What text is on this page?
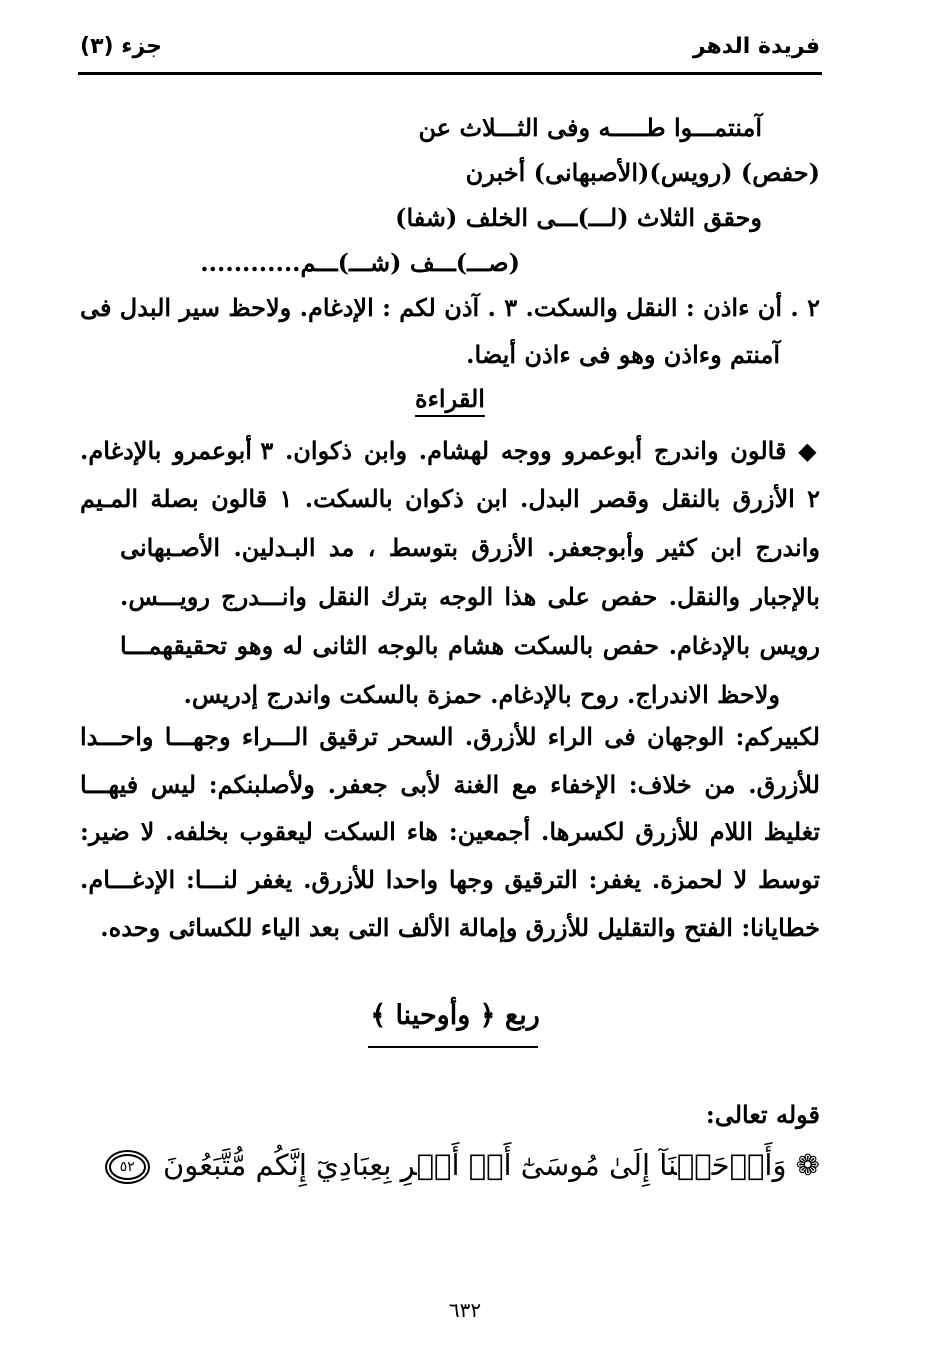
فريدة الدهر
جزء (٣)
آمنتمـــوا طـــــه وفى الثـــلاث عن
(حفص) (رويس)(الأصبهانى) أخبرن
وحقق الثلاث (لـــ)ـــى الخلف (شفا)
(صـــ)ـــف (شـــ)ـــم............
٢ . أن ءاذن : النقل والسكت. ٣ . آذن لكم : الإدغام. ولاحظ سير البدل فى
آمنتم وءاذن وهو فى ءاذن أيضا.
القراءة
◆ قالون واندرج أبوعمرو ووجه لهشام. وابن ذكوان. ٣ أبوعمرو بالإدغام.
٢ الأزرق بالنقل وقصر البدل. ابن ذكوان بالسكت. ١ قالون بصلة المـيم
واندرج ابن كثير وأبوجعفر. الأزرق بتوسط ، مد البـدلين. الأصـبهانى
بالإجبار والنقل. حفص على هذا الوجه بترك النقل وانـــدرج رويـــس.
رويس بالإدغام. حفص بالسكت هشام بالوجه الثانى له وهو تحقيقهمـــا
ولاحظ الاندراج. روح بالإدغام. حمزة بالسكت واندرج إدريس.
لكبيركم: الوجهان فى الراء للأزرق. السحر ترقيق الـــراء وجهـــا واحـــدا
للأزرق. من خلاف: الإخفاء مع الغنة لأبى جعفر. ولأصلبنكم: ليس فيهـــا
تغليظ اللام للأزرق لكسرها. أجمعين: هاء السكت ليعقوب بخلفه. لا ضير:
توسط لا لحمزة. يغفر: الترقيق وجها واحدا للأزرق. يغفر لنـــا: الإدغـــام.
خطايانا: الفتح والتقليل للأزرق وإمالة الألف التى بعد الياء للكسائى وحده.
ربع ﴿ وأوحينا ﴾
قوله تعالى:
❁ وَأَوۡحَيۡنَآ إِلَىٰ مُوسَىٰٓ أَنۡ أَسۡرِ بِعِبَادِيٓ إِنَّكُم مُّتَّبَعُونَ ٥٢
٦٣٢
